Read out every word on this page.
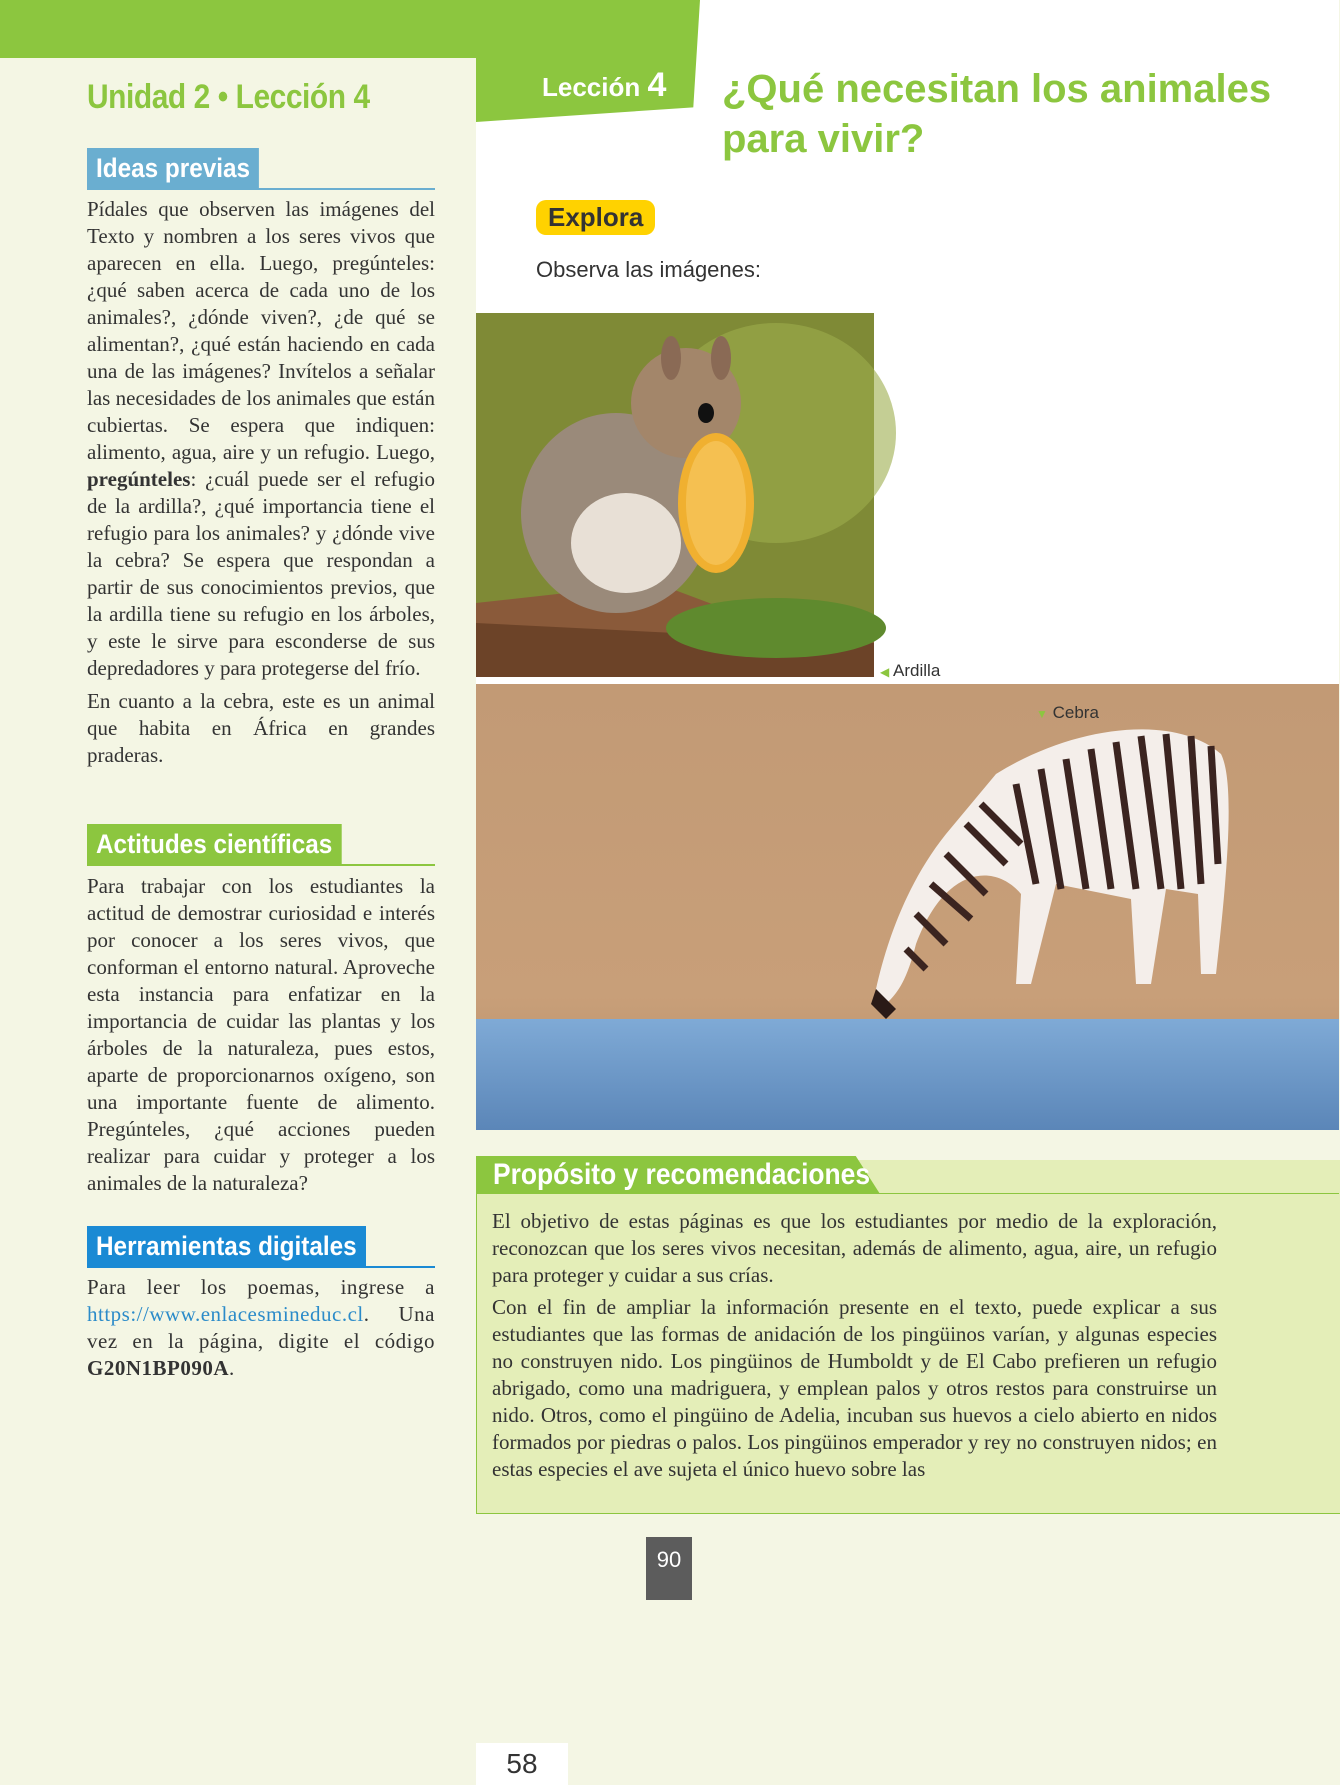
Unidad 2 • Lección 4
Ideas previas

Pídales que observen las imágenes del Texto y nombren a los seres vivos que aparecen en ella. Luego, pregúnteles: ¿qué saben acerca de cada uno de los animales?, ¿dónde viven?, ¿de qué se alimentan?, ¿qué están haciendo en cada una de las imágenes? Invítelos a señalar las necesidades de los animales que están cubiertas. Se espera que indiquen: alimento, agua, aire y un refugio. Luego, pregúnteles: ¿cuál puede ser el refugio de la ardilla?, ¿qué importancia tiene el refugio para los animales? y ¿dónde vive la cebra? Se espera que respondan a partir de sus conocimientos previos, que la ardilla tiene su refugio en los árboles, y este le sirve para esconderse de sus depredadores y para protegerse del frío.

En cuanto a la cebra, este es un animal que habita en África en grandes praderas.

Actitudes científicas
Para trabajar con los estudiantes la actitud de demostrar curiosidad e interés por conocer a los seres vivos, que conforman el entorno natural. Aproveche esta instancia para enfatizar en la importancia de cuidar las plantas y los árboles de la naturaleza, pues estos, aparte de proporcionarnos oxígeno, son una importante fuente de alimento. Pregúnteles, ¿qué acciones pueden realizar para cuidar y proteger a los animales de la naturaleza?
Herramientas digitales
Para leer los poemas, ingrese a https://www.enlacesmineduc.cl. Una vez en la página, digite el código G20N1BP090A.
Lección 4 ¿Qué necesitan los animales para vivir?
Explora
Observa las imágenes:
◀ Ardilla
58
▼ Cebra
Propósito y recomendaciones

El objetivo de estas páginas es que los estudiantes por medio de la exploración, reconozcan que los seres vivos necesitan, además de alimento, agua, aire, un refugio para proteger y cuidar a sus crías.

Con el fin de ampliar la información presente en el texto, puede explicar a sus estudiantes que las formas de anidación de los pingüinos varían, y algunas especies no construyen nido. Los pingüinos de Humboldt y de El Cabo prefieren un refugio abrigado, como una madriguera, y emplean palos y otros restos para construirse un nido. Otros, como el pingüino de Adelia, incuban sus huevos a cielo abierto en nidos formados por piedras o palos. Los pingüinos emperador y rey no construyen nidos; en estas especies el ave sujeta el único huevo sobre las

90
